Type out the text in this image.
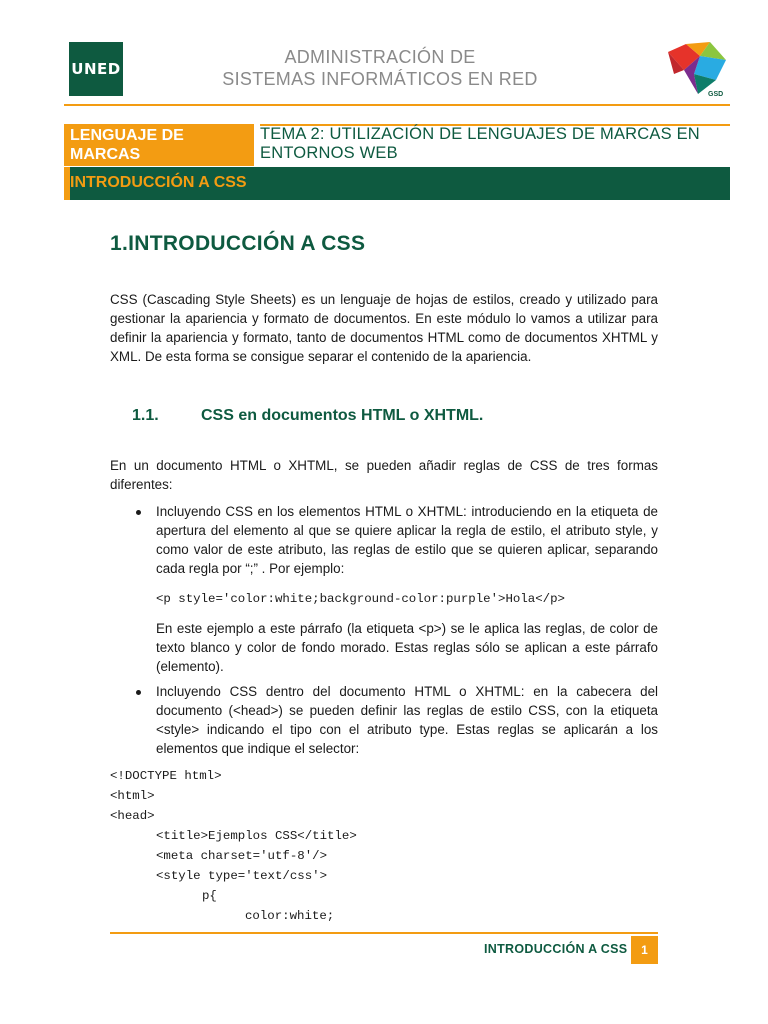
UNED
ADMINISTRACIÓN DE
SISTEMAS INFORMÁTICOS EN RED
GSD
LENGUAJE DE MARCAS
TEMA 2: UTILIZACIÓN DE LENGUAJES DE MARCAS EN ENTORNOS WEB
INTRODUCCIÓN A CSS
1.INTRODUCCIÓN A CSS

CSS (Cascading Style Sheets) es un lenguaje de hojas de estilos, creado y utilizado para gestionar la apariencia y formato de documentos. En este módulo lo vamos a utilizar para definir la apariencia y formato, tanto de documentos HTML como de documentos XHTML y XML. De esta forma se consigue separar el contenido de la apariencia.

1.1.	CSS en documentos HTML o XHTML.

En un documento HTML o XHTML, se pueden añadir reglas de CSS de tres formas diferentes:

Incluyendo CSS en los elementos HTML o XHTML: introduciendo en la etiqueta de apertura del elemento al que se quiere aplicar la regla de estilo, el atributo style, y como valor de este atributo, las reglas de estilo que se quieren aplicar, separando cada regla por “;” . Por ejemplo:

<p style='color:white;background-color:purple'>Hola</p>

En este ejemplo a este párrafo (la etiqueta <p>) se le aplica las reglas, de color de texto blanco y color de fondo morado. Estas reglas sólo se aplican a este párrafo (elemento).

Incluyendo CSS dentro del documento HTML o XHTML: en la cabecera del documento (<head>) se pueden definir las reglas de estilo CSS, con la etiqueta <style> indicando el tipo con el atributo type. Estas reglas se aplicarán a los elementos que indique el selector:

<!DOCTYPE html>
<html>
<head>
<title>Ejemplos CSS</title>
<meta charset='utf-8'/>
<style type='text/css'>
p{
color:white;
INTRODUCCIÓN A CSS	1
